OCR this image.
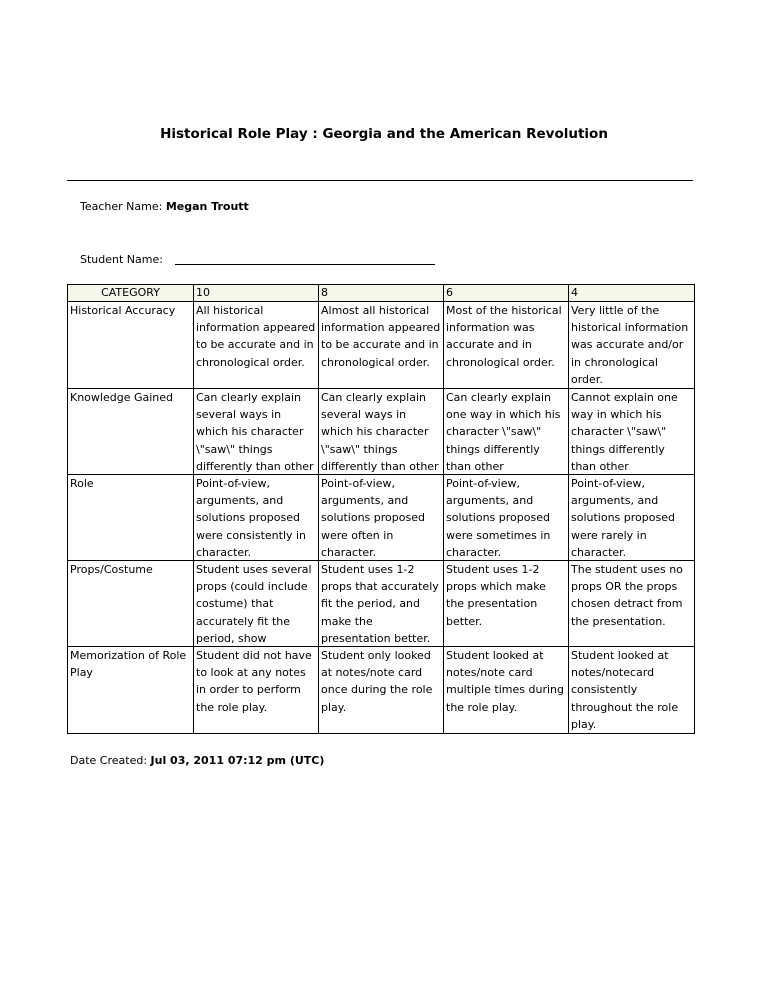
Historical Role Play : Georgia and the American Revolution
Teacher Name: Megan Troutt
Student Name:
CATEGORY	10	8	6	4

Historical Accuracy	All historical information appeared to be accurate and in chronological order.	Almost all historical information appeared to be accurate and in chronological order.	Most of the historical information was accurate and in chronological order.	Very little of the historical information was accurate and/or in chronological order.

Knowledge Gained	Can clearly explain several ways in which his character \"saw\" things differently than other	Can clearly explain several ways in which his character \"saw\" things differently than other	Can clearly explain one way in which his character \"saw\" things differently than other	Cannot explain one way in which his character \"saw\" things differently than other

Role	Point-of-view, arguments, and solutions proposed were consistently in character.	Point-of-view, arguments, and solutions proposed were often in character.	Point-of-view, arguments, and solutions proposed were sometimes in character.	Point-of-view, arguments, and solutions proposed were rarely in character.

Props/Costume	Student uses several props (could include costume) that accurately fit the period, show	Student uses 1-2 props that accurately fit the period, and make the presentation better.	Student uses 1-2 props which make the presentation better.	The student uses no props OR the props chosen detract from the presentation.

Memorization of Role Play	Student did not have to look at any notes in order to perform the role play.	Student only looked at notes/note card once during the role play.	Student looked at notes/note card multiple times during the role play.	Student looked at notes/notecard consistently throughout the role play.
Date Created: Jul 03, 2011 07:12 pm (UTC)
